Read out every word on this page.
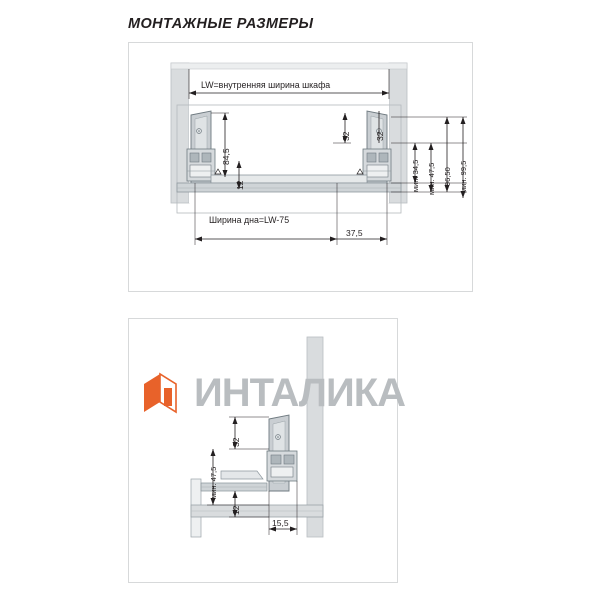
МОНТАЖНЫЕ РАЗМЕРЫ
LW=внутренняя ширина шкафа
Ширина дна=LW-75
84,5
12
32	32
37,5
мин. 34,5 мин. 47,5 96,50 мин. 99,5
32
мин. 47,5
12
15,5
ИНТАЛИКА
